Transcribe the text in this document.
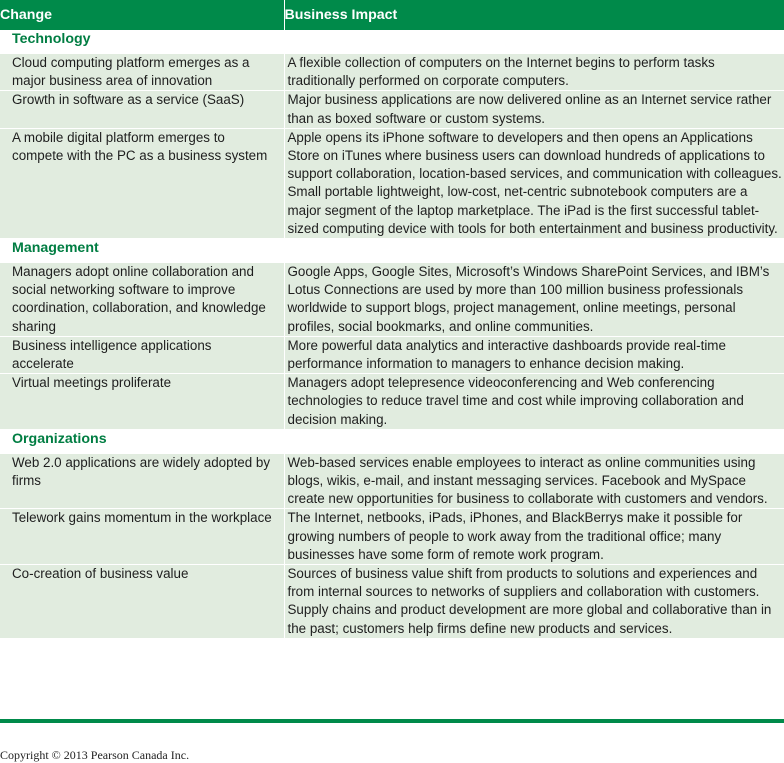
Change	Business Impact
Technology	
Cloud computing platform emerges as a major business area of innovation	A flexible collection of computers on the Internet begins to perform tasks traditionally performed on corporate computers.
Growth in software as a service (SaaS)	Major business applications are now delivered online as an Internet service rather than as boxed software or custom systems.
A mobile digital platform emerges to compete with the PC as a business system	Apple opens its iPhone software to developers and then opens an Applications Store on iTunes where business users can download hundreds of applications to support collaboration, location-based services, and communication with colleagues. Small portable lightweight, low-cost, net-centric subnotebook computers are a major segment of the laptop marketplace. The iPad is the first successful tablet-sized computing device with tools for both entertainment and business productivity.
Management	
Managers adopt online collaboration and social networking software to improve coordination, collaboration, and knowledge sharing	Google Apps, Google Sites, Microsoft’s Windows SharePoint Services, and IBM’s Lotus Connections are used by more than 100 million business professionals worldwide to support blogs, project management, online meetings, personal profiles, social bookmarks, and online communities.
Business intelligence applications accelerate	More powerful data analytics and interactive dashboards provide real-time performance information to managers to enhance decision making.
Virtual meetings proliferate	Managers adopt telepresence videoconferencing and Web conferencing technologies to reduce travel time and cost while improving collaboration and decision making.
Organizations	
Web 2.0 applications are widely adopted by firms	Web-based services enable employees to interact as online communities using blogs, wikis, e-mail, and instant messaging services. Facebook and MySpace create new opportunities for business to collaborate with customers and vendors.
Telework gains momentum in the workplace	The Internet, netbooks, iPads, iPhones, and BlackBerrys make it possible for growing numbers of people to work away from the traditional office; many businesses have some form of remote work program.
Co-creation of business value	Sources of business value shift from products to solutions and experiences and from internal sources to networks of suppliers and collaboration with customers. Supply chains and product development are more global and collaborative than in the past; customers help firms define new products and services.
Copyright © 2013 Pearson Canada Inc.
